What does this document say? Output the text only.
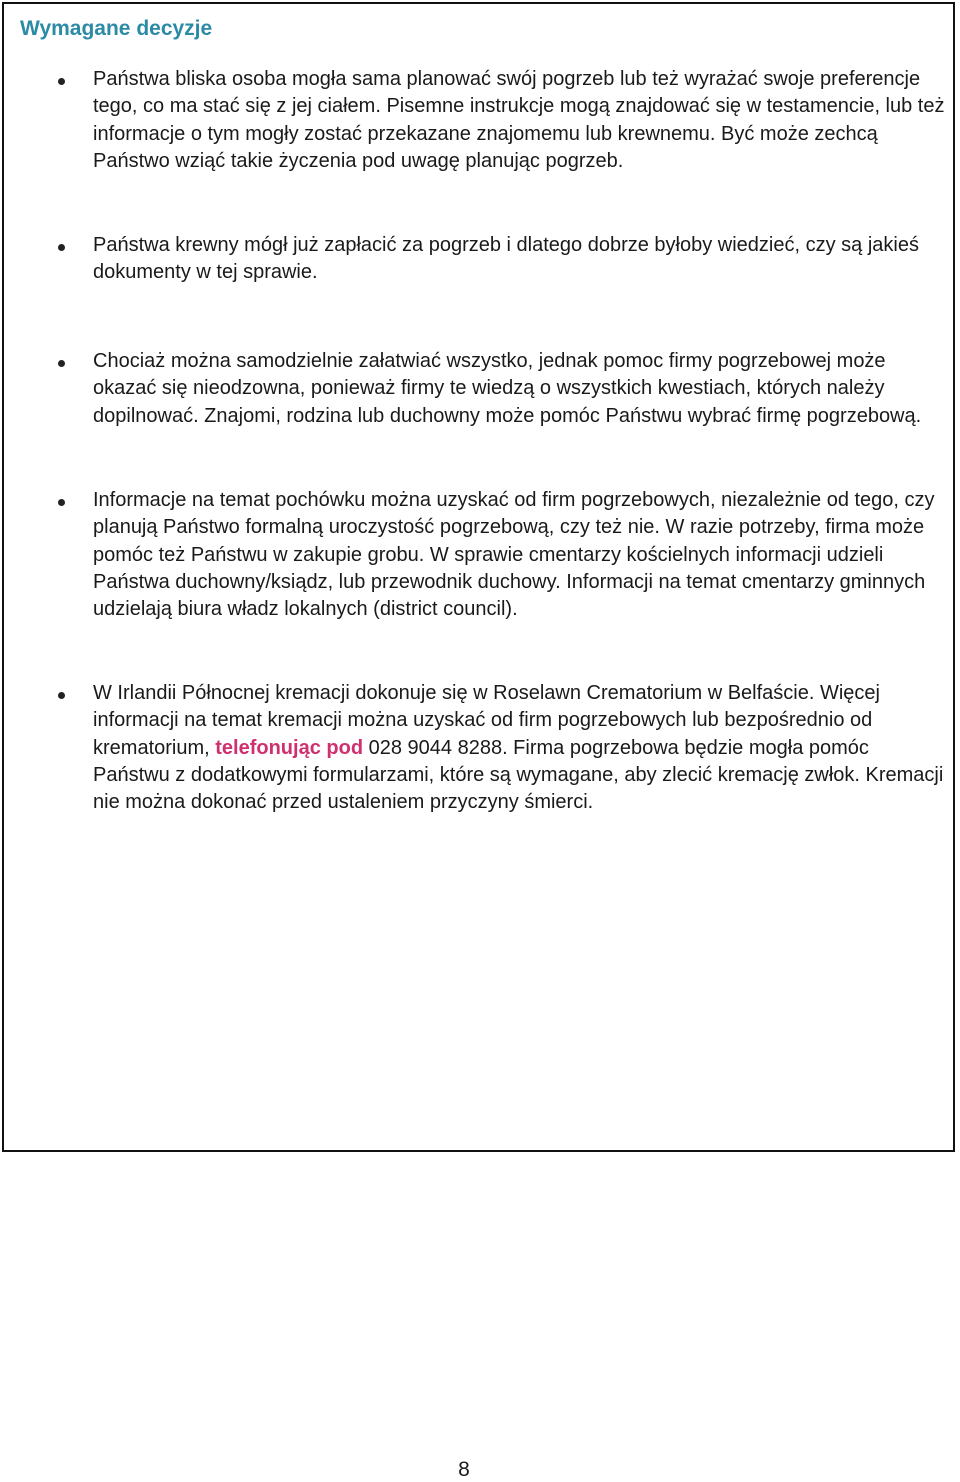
Wymagane decyzje

Państwa bliska osoba mogła sama planować swój pogrzeb lub też wyrażać swoje preferencje tego, co ma stać się z jej ciałem. Pisemne instrukcje mogą znajdować się w testamencie, lub też informacje o tym mogły zostać przekazane znajomemu lub krewnemu. Być może zechcą Państwo wziąć takie życzenia pod uwagę planując pogrzeb.

Państwa krewny mógł już zapłacić za pogrzeb i dlatego dobrze byłoby wiedzieć, czy są jakieś dokumenty w tej sprawie.

Chociaż można samodzielnie załatwiać wszystko, jednak pomoc firmy pogrzebowej może okazać się nieodzowna, ponieważ firmy te wiedzą o wszystkich kwestiach, których należy dopilnować. Znajomi, rodzina lub duchowny może pomóc Państwu wybrać firmę pogrzebową.

Informacje na temat pochówku można uzyskać od firm pogrzebowych, niezależnie od tego, czy planują Państwo formalną uroczystość pogrzebową, czy też nie. W razie potrzeby, firma może pomóc też Państwu w zakupie grobu. W sprawie cmentarzy kościelnych informacji udzieli Państwa duchowny/ksiądz, lub przewodnik duchowy. Informacji na temat cmentarzy gminnych udzielają biura władz lokalnych (district council).

W Irlandii Północnej kremacji dokonuje się w Roselawn Crematorium w Belfaście. Więcej informacji na temat kremacji można uzyskać od firm pogrzebowych lub bezpośrednio od krematorium, telefonując pod 028 9044 8288. Firma pogrzebowa będzie mogła pomóc Państwu z dodatkowymi formularzami, które są wymagane, aby zlecić kremację zwłok. Kremacji nie można dokonać przed ustaleniem przyczyny śmierci.

8
